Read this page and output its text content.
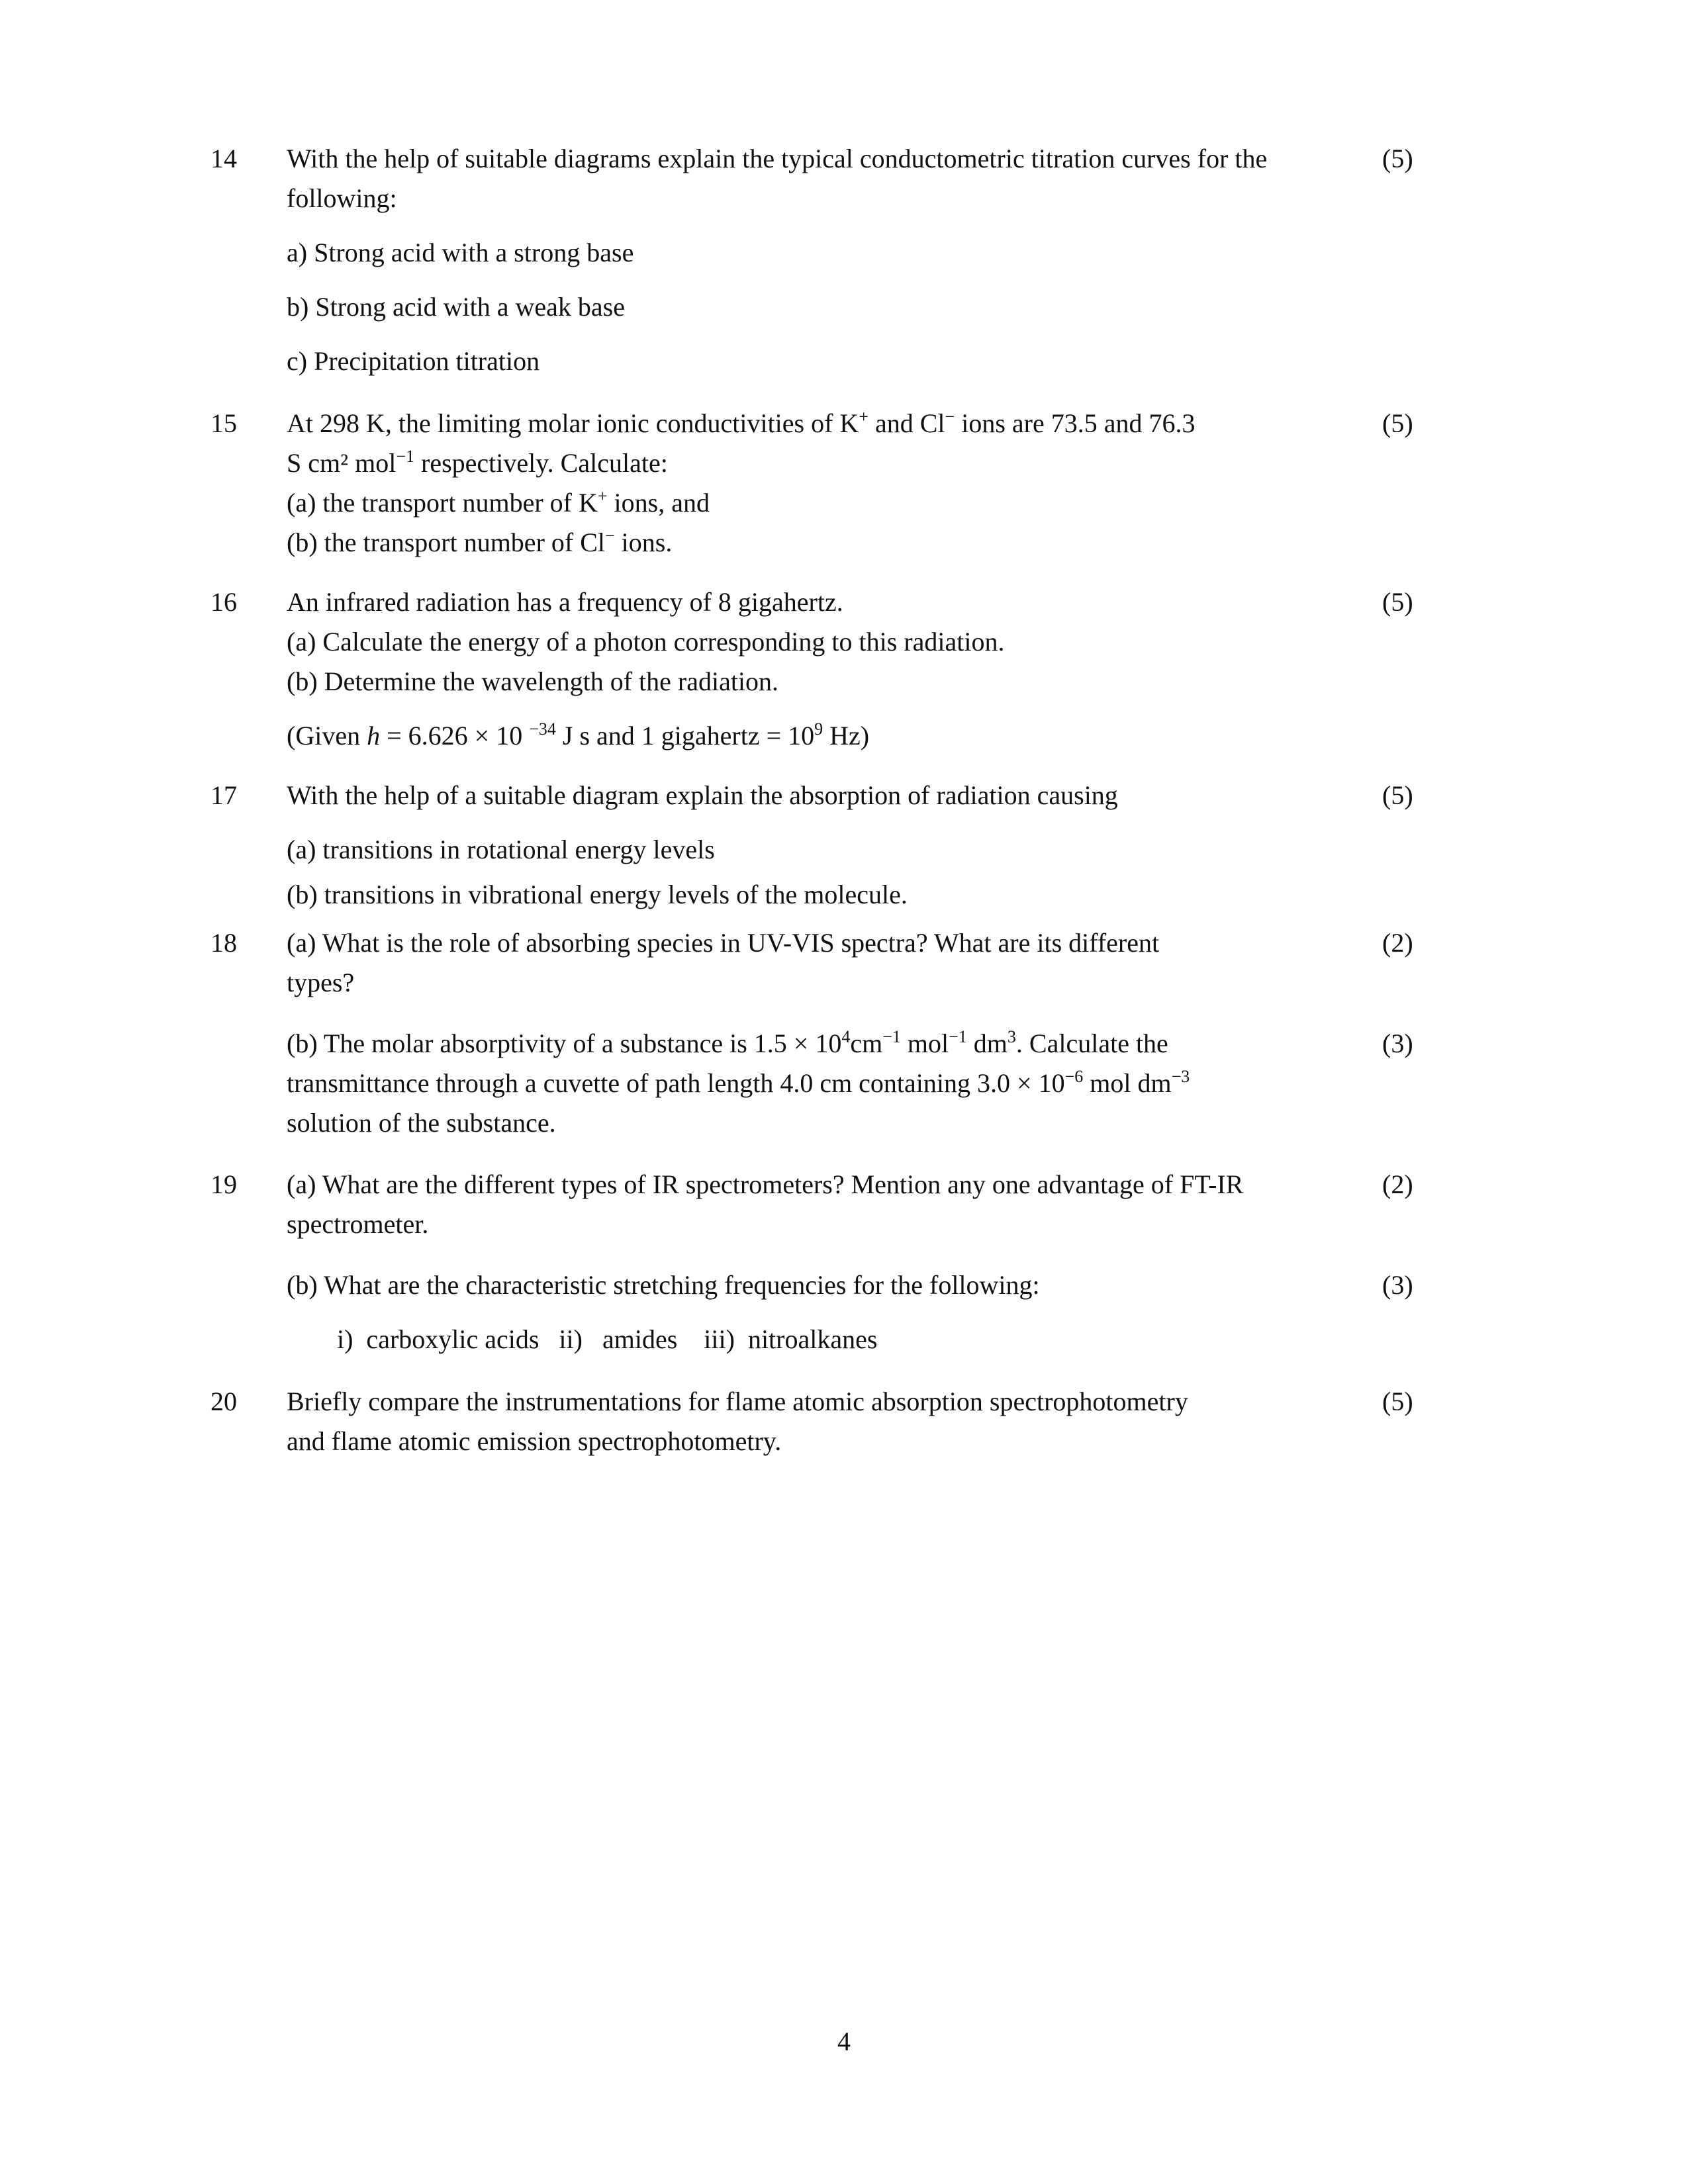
14 With the help of suitable diagrams explain the typical conductometric titration curves for the
following:
a) Strong acid with a strong base
b) Strong acid with a weak base
c) Precipitation titration
(5)
15 At 298 K, the limiting molar ionic conductivities of K+ and Cl− ions are 73.5 and 76.3
S cm² mol$^{-1}$ respectively. Calculate:
(a) the transport number of K+ ions, and
(b) the transport number of Cl− ions.
(5)
16 An infrared radiation has a frequency of 8 gigahertz.
(a) Calculate the energy of a photon corresponding to this radiation.
(b) Determine the wavelength of the radiation.
(Given h = 6.626 × 10 $^{-34}$ J s and 1 gigahertz = $10^9$ Hz)
(5)
17 With the help of a suitable diagram explain the absorption of radiation causing
(a) transitions in rotational energy levels
(b) transitions in vibrational energy levels of the molecule.
(5)
18 (a) What is the role of absorbing species in UV-VIS spectra? What are its different
types?
(b) The molar absorptivity of a substance is $1.5 \times 10^4cm^{-1}$ mol$^{-1}$ $dm^3$. Calculate the
transmittance through a cuvette of path length 4.0 cm containing $3.0 \times 10^{-6}$ mol $dm^{-3}$
solution of the substance.
(2)
(3)
19 (a) What are the different types of IR spectrometers? Mention any one advantage of FT-IR
spectrometer.
(b) What are the characteristic stretching frequencies for the following:
i)  carboxylic acids   ii)   amides    iii)  nitroalkanes
(2)
(3)
20 Briefly compare the instrumentations for flame atomic absorption spectrophotometry
and flame atomic emission spectrophotometry.
(5)
4
